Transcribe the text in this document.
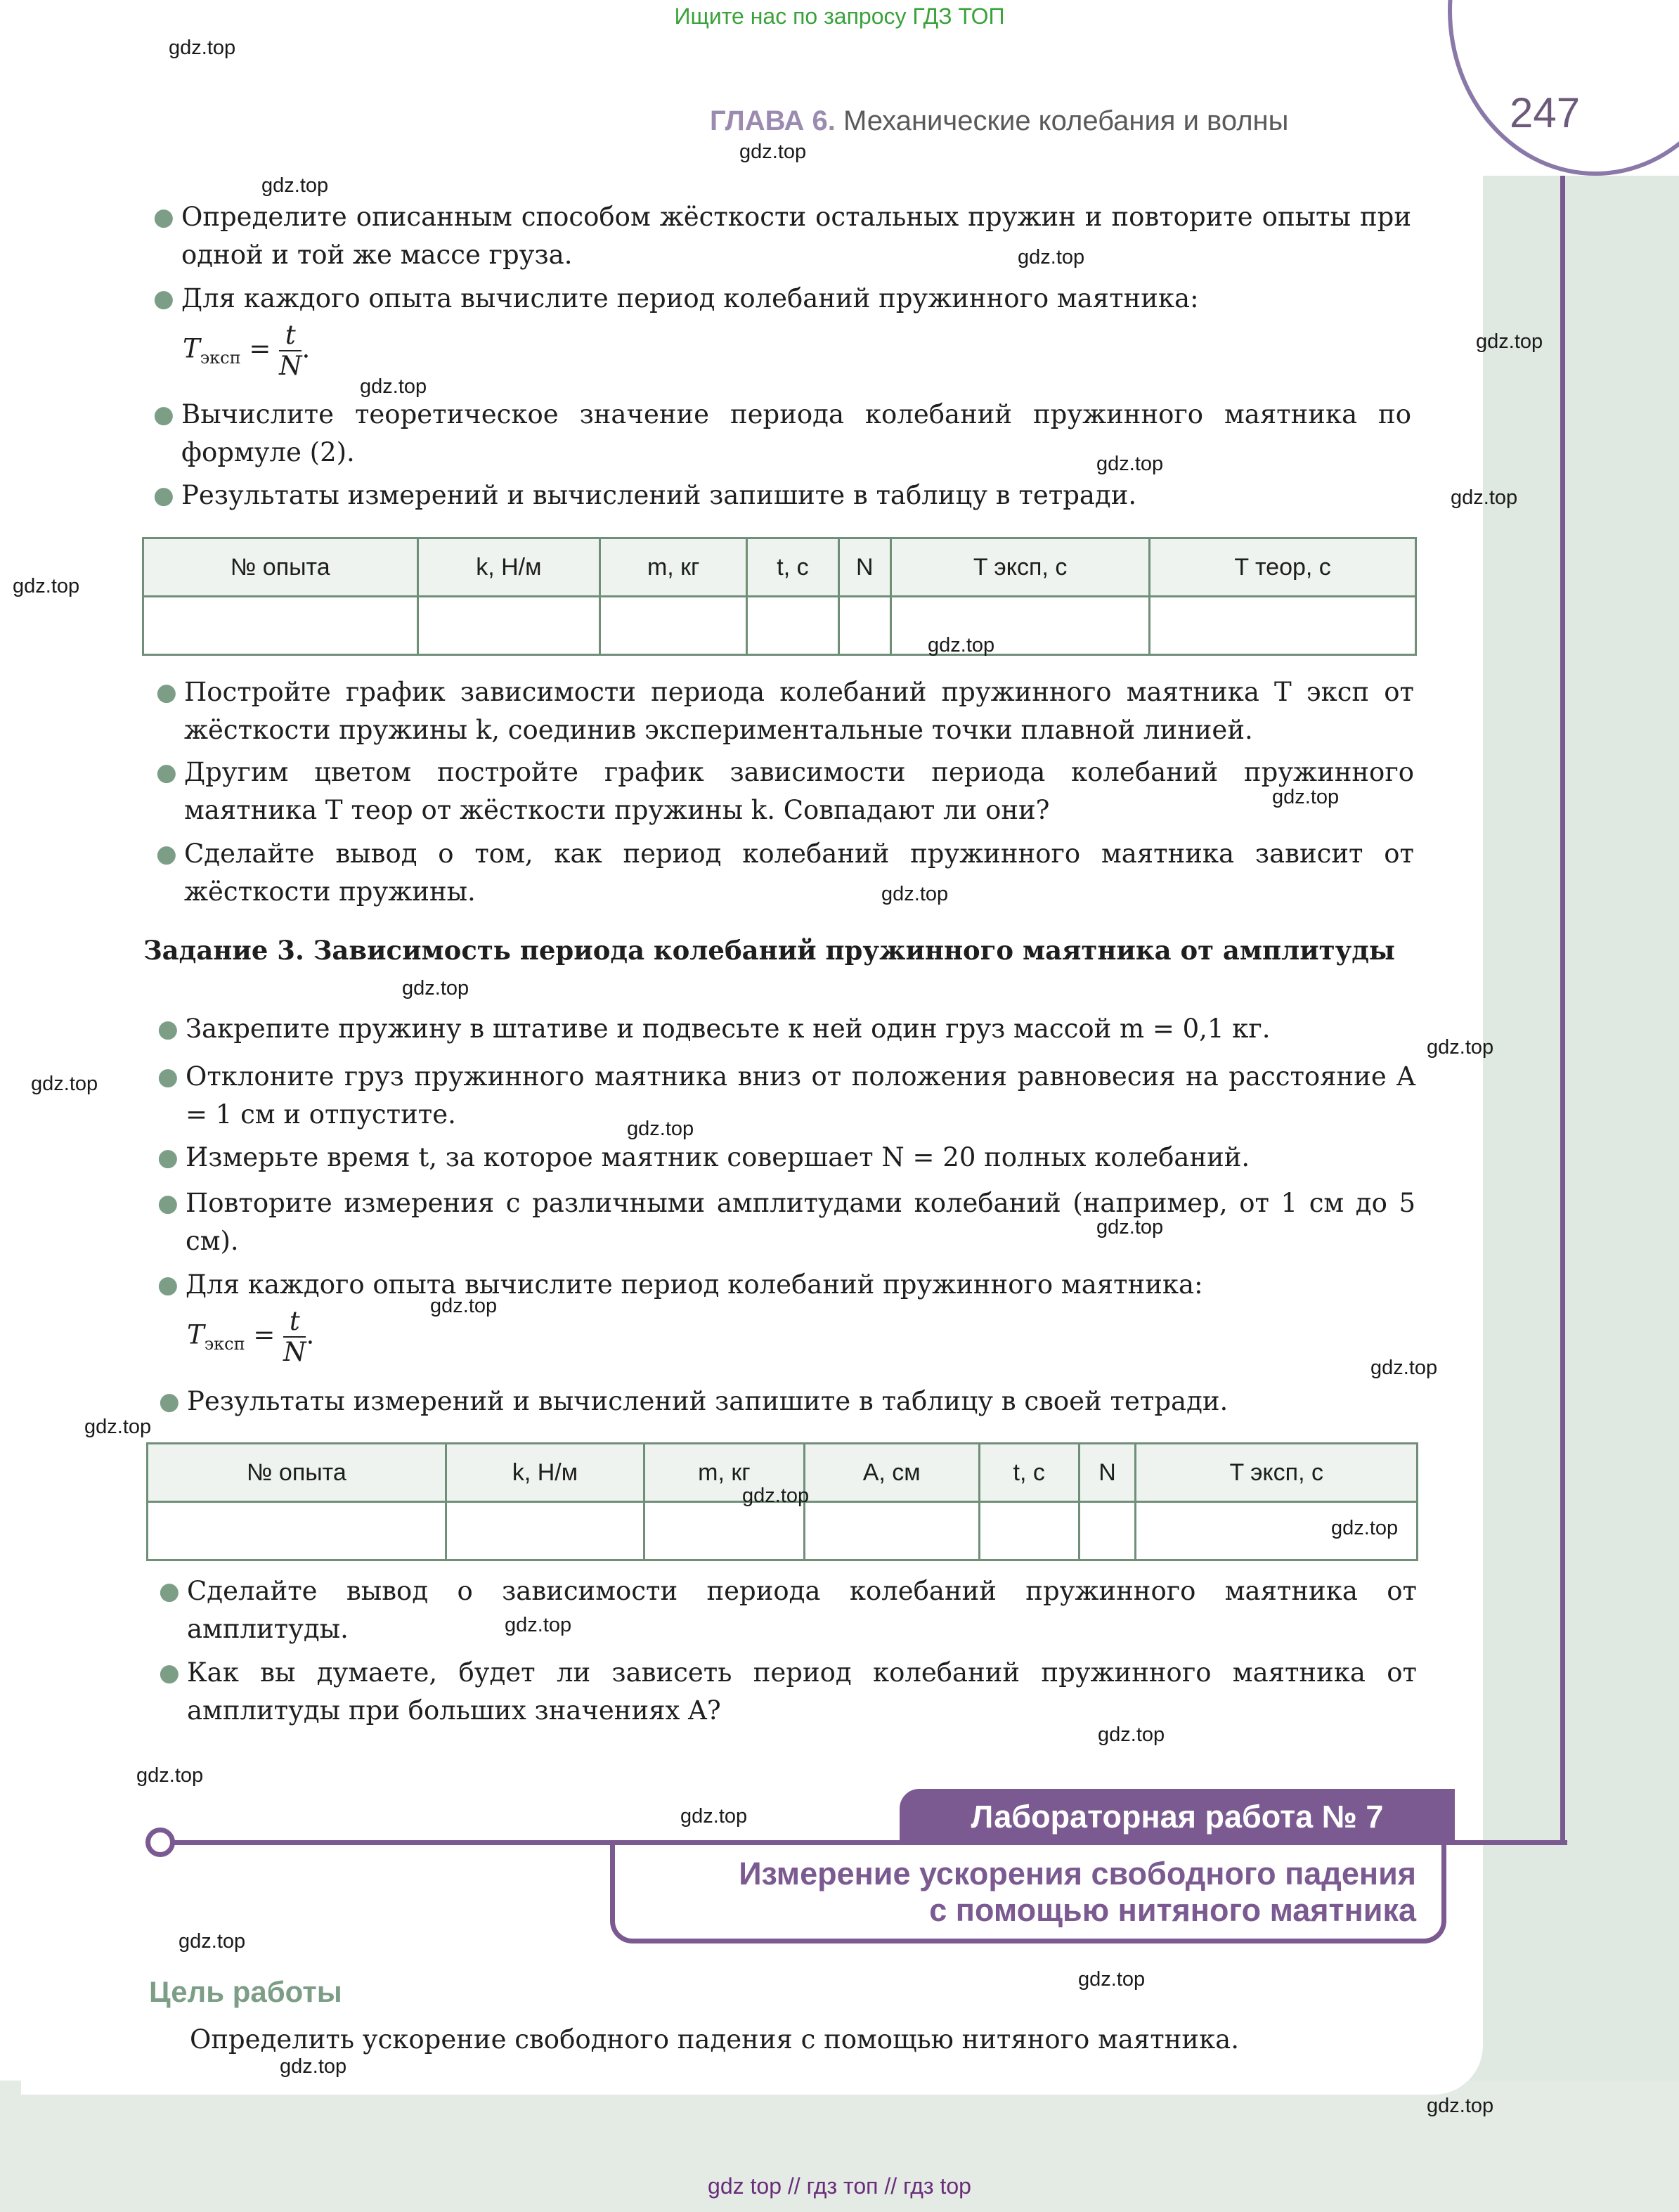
Ищите нас по запросу ГДЗ ТОП
ГЛАВА 6. Механические колебания и волны	247
● Определите описанным способом жёсткости остальных пружин и повторите опыты при одной и той же массе груза.
● Для каждого опыта вычислите период колебаний пружинного маятника:
$T_{эксп} = \frac{t}{N}$ .
● Вычислите теоретическое значение периода колебаний пружинного маятника по формуле (2).
● Результаты измерений и вычислений запишите в таблицу в тетради.
№ опыта	k, Н/м	m, кг	t, с	N	T эксп, с	T теор, с

● Постройте график зависимости периода колебаний пружинного маятника T эксп от жёсткости пружины k, соединив экспериментальные точки плавной линией.
● Другим цветом постройте график зависимости периода колебаний пружинного маятника T теор от жёсткости пружины k. Совпадают ли они?
● Сделайте вывод о том, как период колебаний пружинного маятника зависит от жёсткости пружины.
Задание 3. Зависимость периода колебаний пружинного маятника от амплитуды
● Закрепите пружину в штативе и подвесьте к ней один груз массой m = 0,1 кг.
● Отклоните груз пружинного маятника вниз от положения равновесия на расстояние A = 1 см и отпустите.
● Измерьте время t, за которое маятник совершает N = 20 полных колебаний.
● Повторите измерения с различными амплитудами колебаний (например, от 1 см до 5 см).
● Для каждого опыта вычислите период колебаний пружинного маятника:
$T_{эксп} = \frac{t}{N}$ .
● Результаты измерений и вычислений запишите в таблицу в своей тетради.
№ опыта	k, Н/м	m, кг	A, см	t, с	N	T эксп, с

● Сделайте вывод о зависимости периода колебаний пружинного маятника от амплитуды.
● Как вы думаете, будет ли зависеть период колебаний пружинного маятника от амплитуды при больших значениях A?
Лабораторная работа № 7
Измерение ускорения свободного падения
с помощью нитяного маятника
Цель работы
Определить ускорение свободного падения с помощью нитяного маятника.
gdz.top
gdz.top
gdz.top
gdz.top
gdz.top
gdz.top
gdz.top
gdz.top
gdz.top
gdz.top
gdz.top
gdz.top
gdz.top
gdz.top
gdz.top
gdz.top
gdz.top
gdz.top
gdz.top
gdz.top
gdz.top
gdz.top
gdz.top
gdz.top
gdz.top
gdz.top
gdz.top
gdz.top
gdz.top
gdz.top
gdz top // гдз топ // гдз top
